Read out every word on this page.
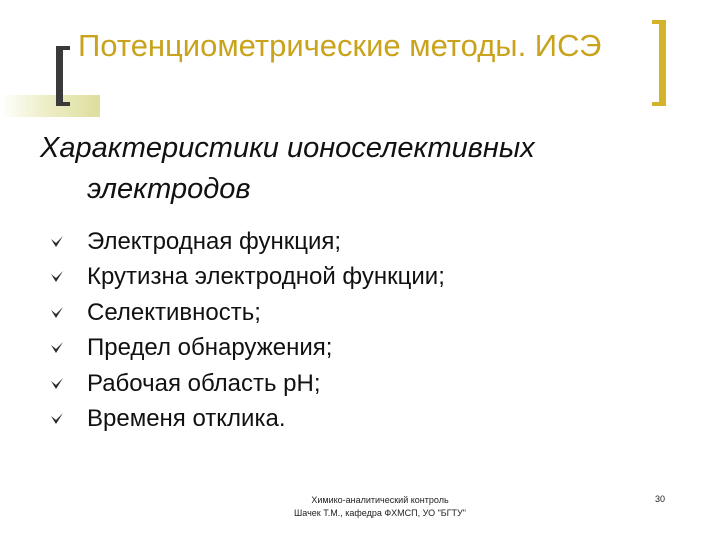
Потенциометрические методы. ИСЭ
Характеристики ионоселективных
электродов
Электродная функция;
Крутизна электродной функции;
Селективность;
Предел обнаружения;
Рабочая область pH;
Временя отклика.
Химико-аналитический контроль
Шачек Т.М., кафедра ФХМСП, УО "БГТУ"
30
